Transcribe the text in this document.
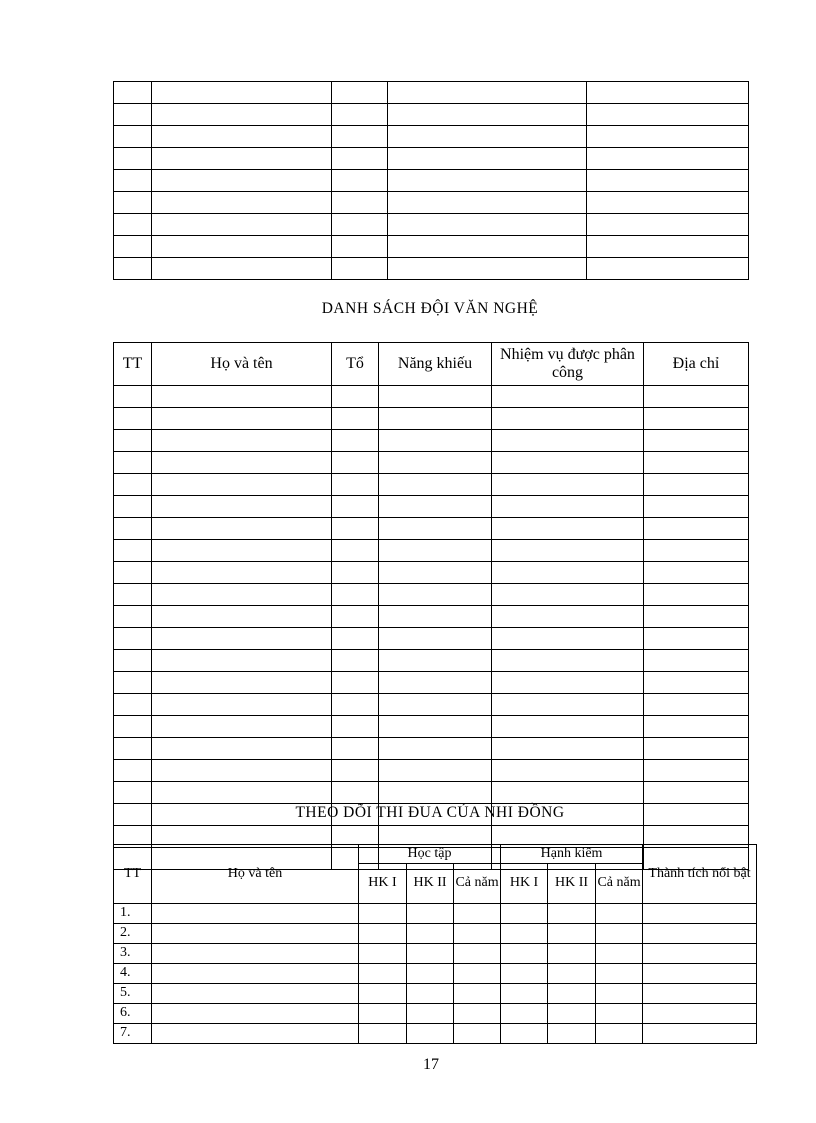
DANH SÁCH ĐỘI VĂN NGHỆ
TT	Họ và tên	Tổ	Năng khiếu	Nhiệm vụ được phân công	Địa chỉ

THEO DÕI THI ĐUA CỦA NHI ĐỒNG
TT	Họ và tên	Học tập			Hạnh kiểm			Thành tích nổi bật
		HK I	HK II	Cả năm	HK I	HK II	Cả năm	
1.								
2.								
3.								
4.								
5.								
6.								
7.								
17
